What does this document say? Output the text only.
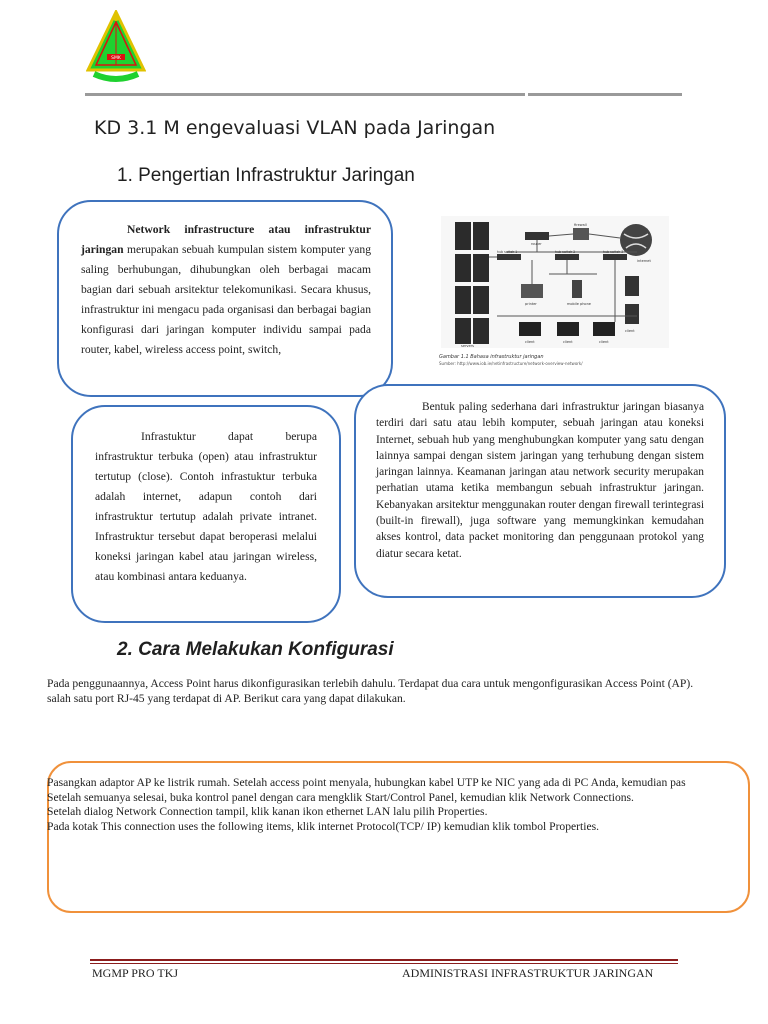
SMK
KD 3.1 M engevaluasi VLAN pada Jaringan
1. Pengertian Infrastruktur Jaringan

Network infrastructure atau infrastruktur jaringan merupakan sebuah kumpulan sistem komputer yang saling berhubungan, dihubungkan oleh berbagai macam bagian dari sebuah arsitektur telekomunikasi. Secara khusus, infrastruktur ini mengacu pada organisasi dan berbagai bagian konfigurasi dari jaringan komputer individu sampai pada router, kabel, wireless access point, switch,	servers
router
firewall
internet
hub switch 1	hub switch 2	hub switch 3
printer	mobile phone
client	client	client
client
Gambar 1.1 Bahasa infrastruktur jaringan
Sumber: http://www.iob.ie/netinfrastructure/network-overview-network/

Infrastuktur dapat berupa infrastruktur terbuka (open) atau infrastruktur tertutup (close). Contoh infrastuktur terbuka adalah internet, adapun contoh dari infrastruktur tertutup adalah private intranet. Infrastruktur tersebut dapat beroperasi melalui koneksi jaringan kabel atau jaringan wireless, atau kombinasi antara keduanya.

Bentuk paling sederhana dari infrastruktur jaringan biasanya terdiri dari satu atau lebih komputer, sebuah jaringan atau koneksi Internet, sebuah hub yang menghubungkan komputer yang satu dengan lainnya sampai dengan sistem jaringan yang terhubung dengan sistem jaringan lainnya. Keamanan jaringan atau network security merupakan perhatian utama ketika membangun sebuah infrastruktur jaringan. Kebanyakan arsitektur menggunakan router dengan firewall terintegrasi (built-in firewall), juga software yang memungkinkan kemudahan akses kontrol, data packet monitoring dan penggunaan protokol yang diatur secara ketat.

2. Cara Melakukan Konfigurasi
Pada penggunaannya, Access Point harus dikonfigurasikan terlebih dahulu. Terdapat dua cara untuk mengonfigurasikan Access Point (AP).
salah satu port RJ-45 yang terdapat di AP. Berikut cara yang dapat dilakukan.
Pasangkan adaptor AP ke listrik rumah. Setelah access point menyala, hubungkan kabel UTP ke NIC yang ada di PC Anda, kemudian pas
Setelah semuanya selesai, buka kontrol panel dengan cara mengklik Start/Control Panel, kemudian klik Network Connections.
Setelah dialog Network Connection tampil, klik kanan ikon ethernet LAN lalu pilih Properties.
Pada kotak This connection uses the following items, klik internet Protocol(TCP/ IP) kemudian klik tombol Properties.
MGMP PRO TKJ	ADMINISTRASI INFRASTRUKTUR JARINGAN
